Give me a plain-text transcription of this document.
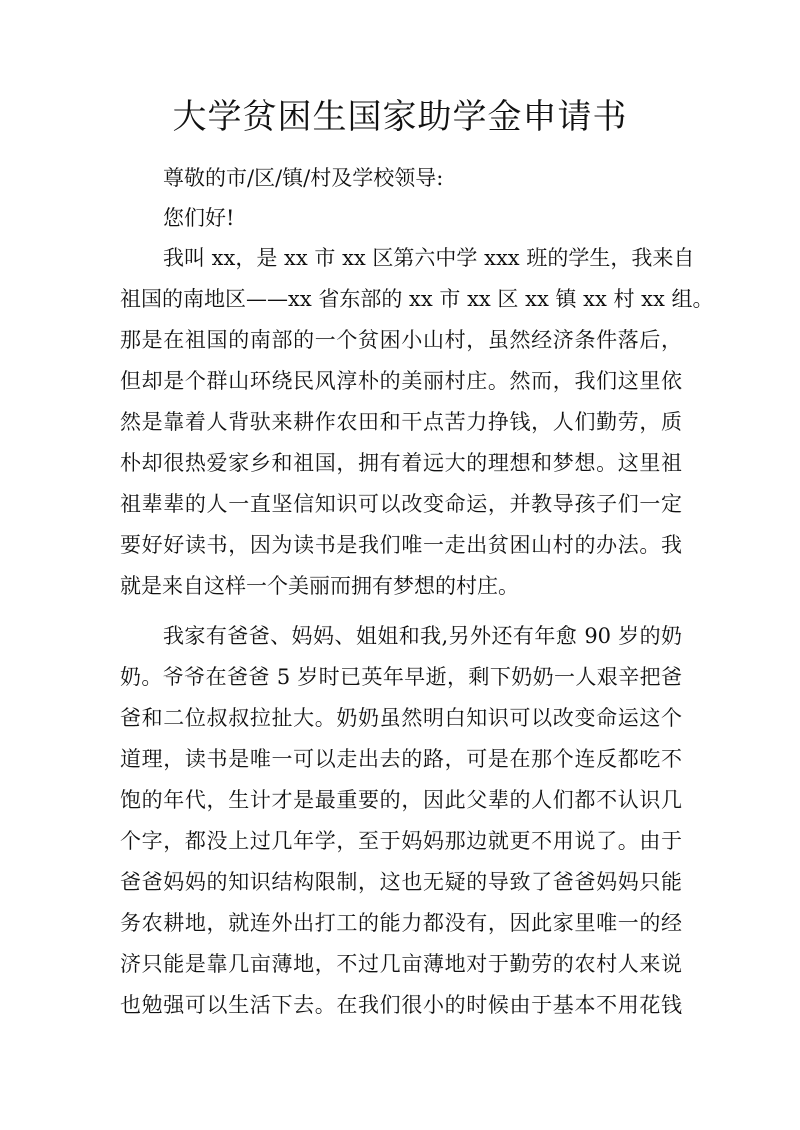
大学贫困生国家助学金申请书
尊敬的市/区/镇/村及学校领导:
您们好!
我叫 xx，是 xx 市 xx 区第六中学 xxx 班的学生，我来自
祖国的南地区——xx 省东部的 xx 市 xx 区 xx 镇 xx 村 xx 组。
那是在祖国的南部的一个贫困小山村，虽然经济条件落后，
但却是个群山环绕民风淳朴的美丽村庄。然而，我们这里依
然是靠着人背驮来耕作农田和干点苦力挣钱，人们勤劳，质
朴却很热爱家乡和祖国，拥有着远大的理想和梦想。这里祖
祖辈辈的人一直坚信知识可以改变命运，并教导孩子们一定
要好好读书，因为读书是我们唯一走出贫困山村的办法。我
就是来自这样一个美丽而拥有梦想的村庄。
我家有爸爸、妈妈、姐姐和我,另外还有年愈 90 岁的奶
奶。爷爷在爸爸 5 岁时已英年早逝，剩下奶奶一人艰辛把爸
爸和二位叔叔拉扯大。奶奶虽然明白知识可以改变命运这个
道理，读书是唯一可以走出去的路，可是在那个连反都吃不
饱的年代，生计才是最重要的，因此父辈的人们都不认识几
个字，都没上过几年学，至于妈妈那边就更不用说了。由于
爸爸妈妈的知识结构限制，这也无疑的导致了爸爸妈妈只能
务农耕地，就连外出打工的能力都没有，因此家里唯一的经
济只能是靠几亩薄地，不过几亩薄地对于勤劳的农村人来说
也勉强可以生活下去。在我们很小的时候由于基本不用花钱
